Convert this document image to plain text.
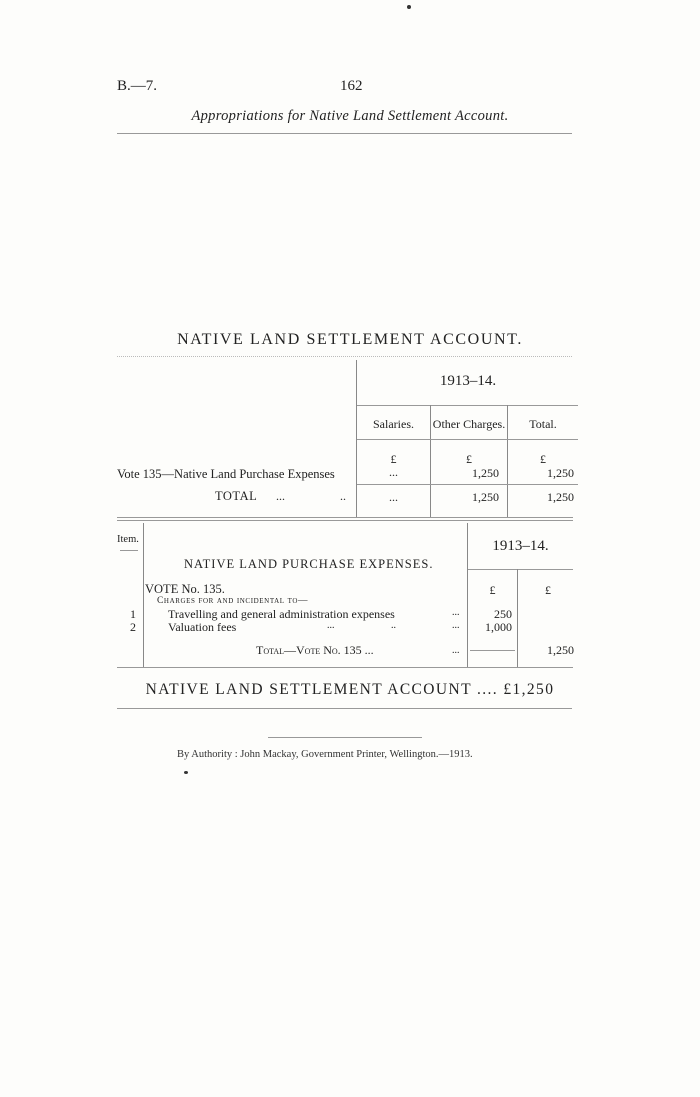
B.—7.	162
Appropriations for Native Land Settlement Account.
NATIVE LAND SETTLEMENT ACCOUNT.
1913–14.
Salaries.	Other Charges.	Total.
£	£	£
Vote 135—Native Land Purchase Expenses	...	1,250	1,250
TOTAL ...	..	...	1,250	1,250
Item.	1913–14.
NATIVE LAND PURCHASE EXPENSES.
VOTE No. 135.	£	£
Charges for and incidental to—
1	Travelling and general administration expenses	...	250
2	Valuation fees	...	..	...	1,000
Total—Vote No. 135 ...	...	1,250
NATIVE LAND SETTLEMENT ACCOUNT .... £1,250
By Authority : John Mackay, Government Printer, Wellington.—1913.
